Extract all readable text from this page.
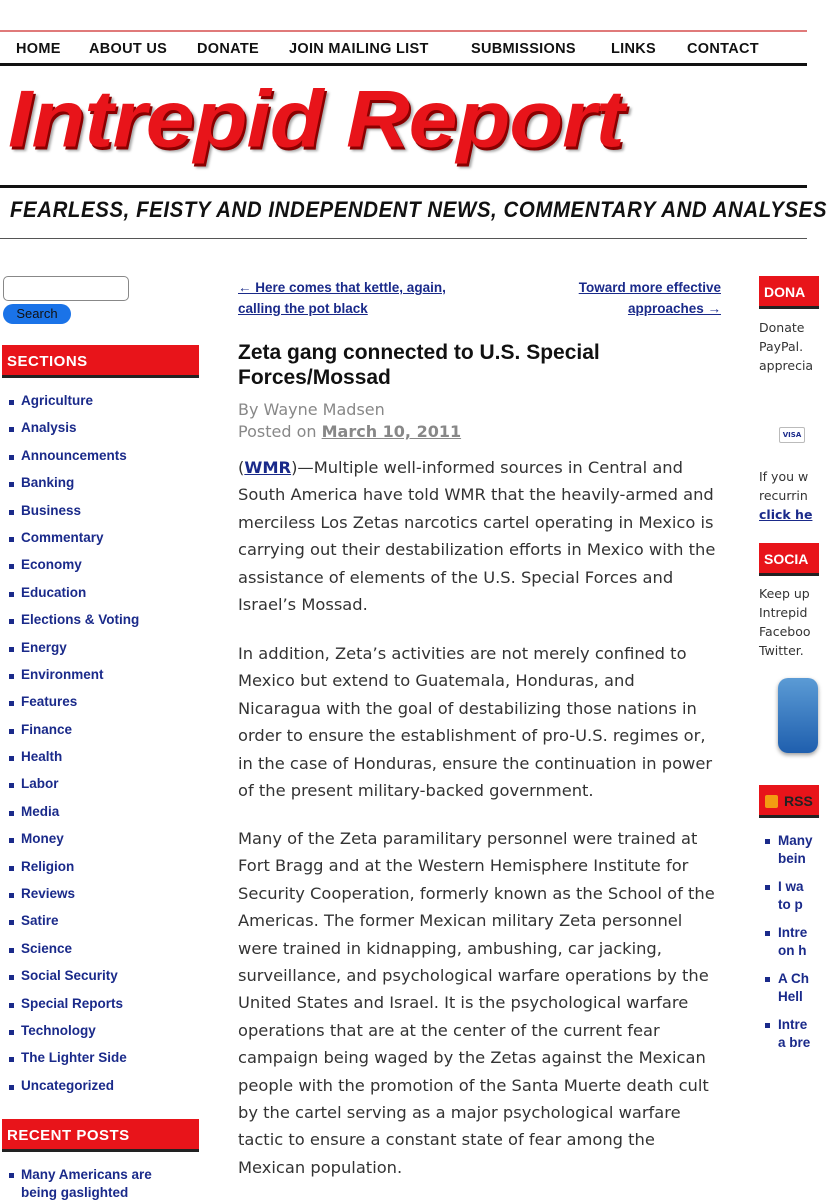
HOME ABOUT US DONATE JOIN MAILING LIST	SUBMISSIONS LINKS CONTACT
Intrepid Report
FEARLESS, FEISTY AND INDEPENDENT NEWS, COMMENTARY AND ANALYSES
Search
SECTIONS
Agriculture
Analysis
Announcements
Banking
Business
Commentary
Economy
Education
Elections & Voting
Energy
Environment
Features
Finance
Health
Labor
Media
Money
Religion
Reviews
Satire
Science
Social Security
Special Reports
Technology
The Lighter Side
Uncategorized
RECENT POSTS
Many Americans are
being gaslighted
← Here comes that kettle, again,
calling the pot black
Toward more effective
approaches →
Zeta gang connected to U.S. Special Forces/Mossad
By Wayne Madsen
Posted on March 10, 2011

(WMR)—Multiple well-informed sources in Central and South America have told WMR that the heavily-armed and merciless Los Zetas narcotics cartel operating in Mexico is carrying out their destabilization efforts in Mexico with the assistance of elements of the U.S. Special Forces and Israel’s Mossad.

In addition, Zeta’s activities are not merely confined to Mexico but extend to Guatemala, Honduras, and Nicaragua with the goal of destabilizing those nations in order to ensure the establishment of pro-U.S. regimes or, in the case of Honduras, ensure the continuation in power of the present military-backed government.

Many of the Zeta paramilitary personnel were trained at Fort Bragg and at the Western Hemisphere Institute for Security Cooperation, formerly known as the School of the Americas. The former Mexican military Zeta personnel were trained in kidnapping, ambushing, car jacking, surveillance, and psychological warfare operations by the United States and Israel. It is the psychological warfare operations that are at the center of the current fear campaign being waged by the Zetas against the Mexican people with the promotion of the Santa Muerte death cult by the cartel serving as a major psychological warfare tactic to ensure a constant state of fear among the Mexican population.

DONA
Donate
PayPal.
apprecia
VISA
If you w
recurrin
click he
SOCIA
Keep up
Intrepid
Faceboo
Twitter.
RSS
Many
bein
I wa
to p
Intre
on h
A Ch
Hell
Intre
a bre
